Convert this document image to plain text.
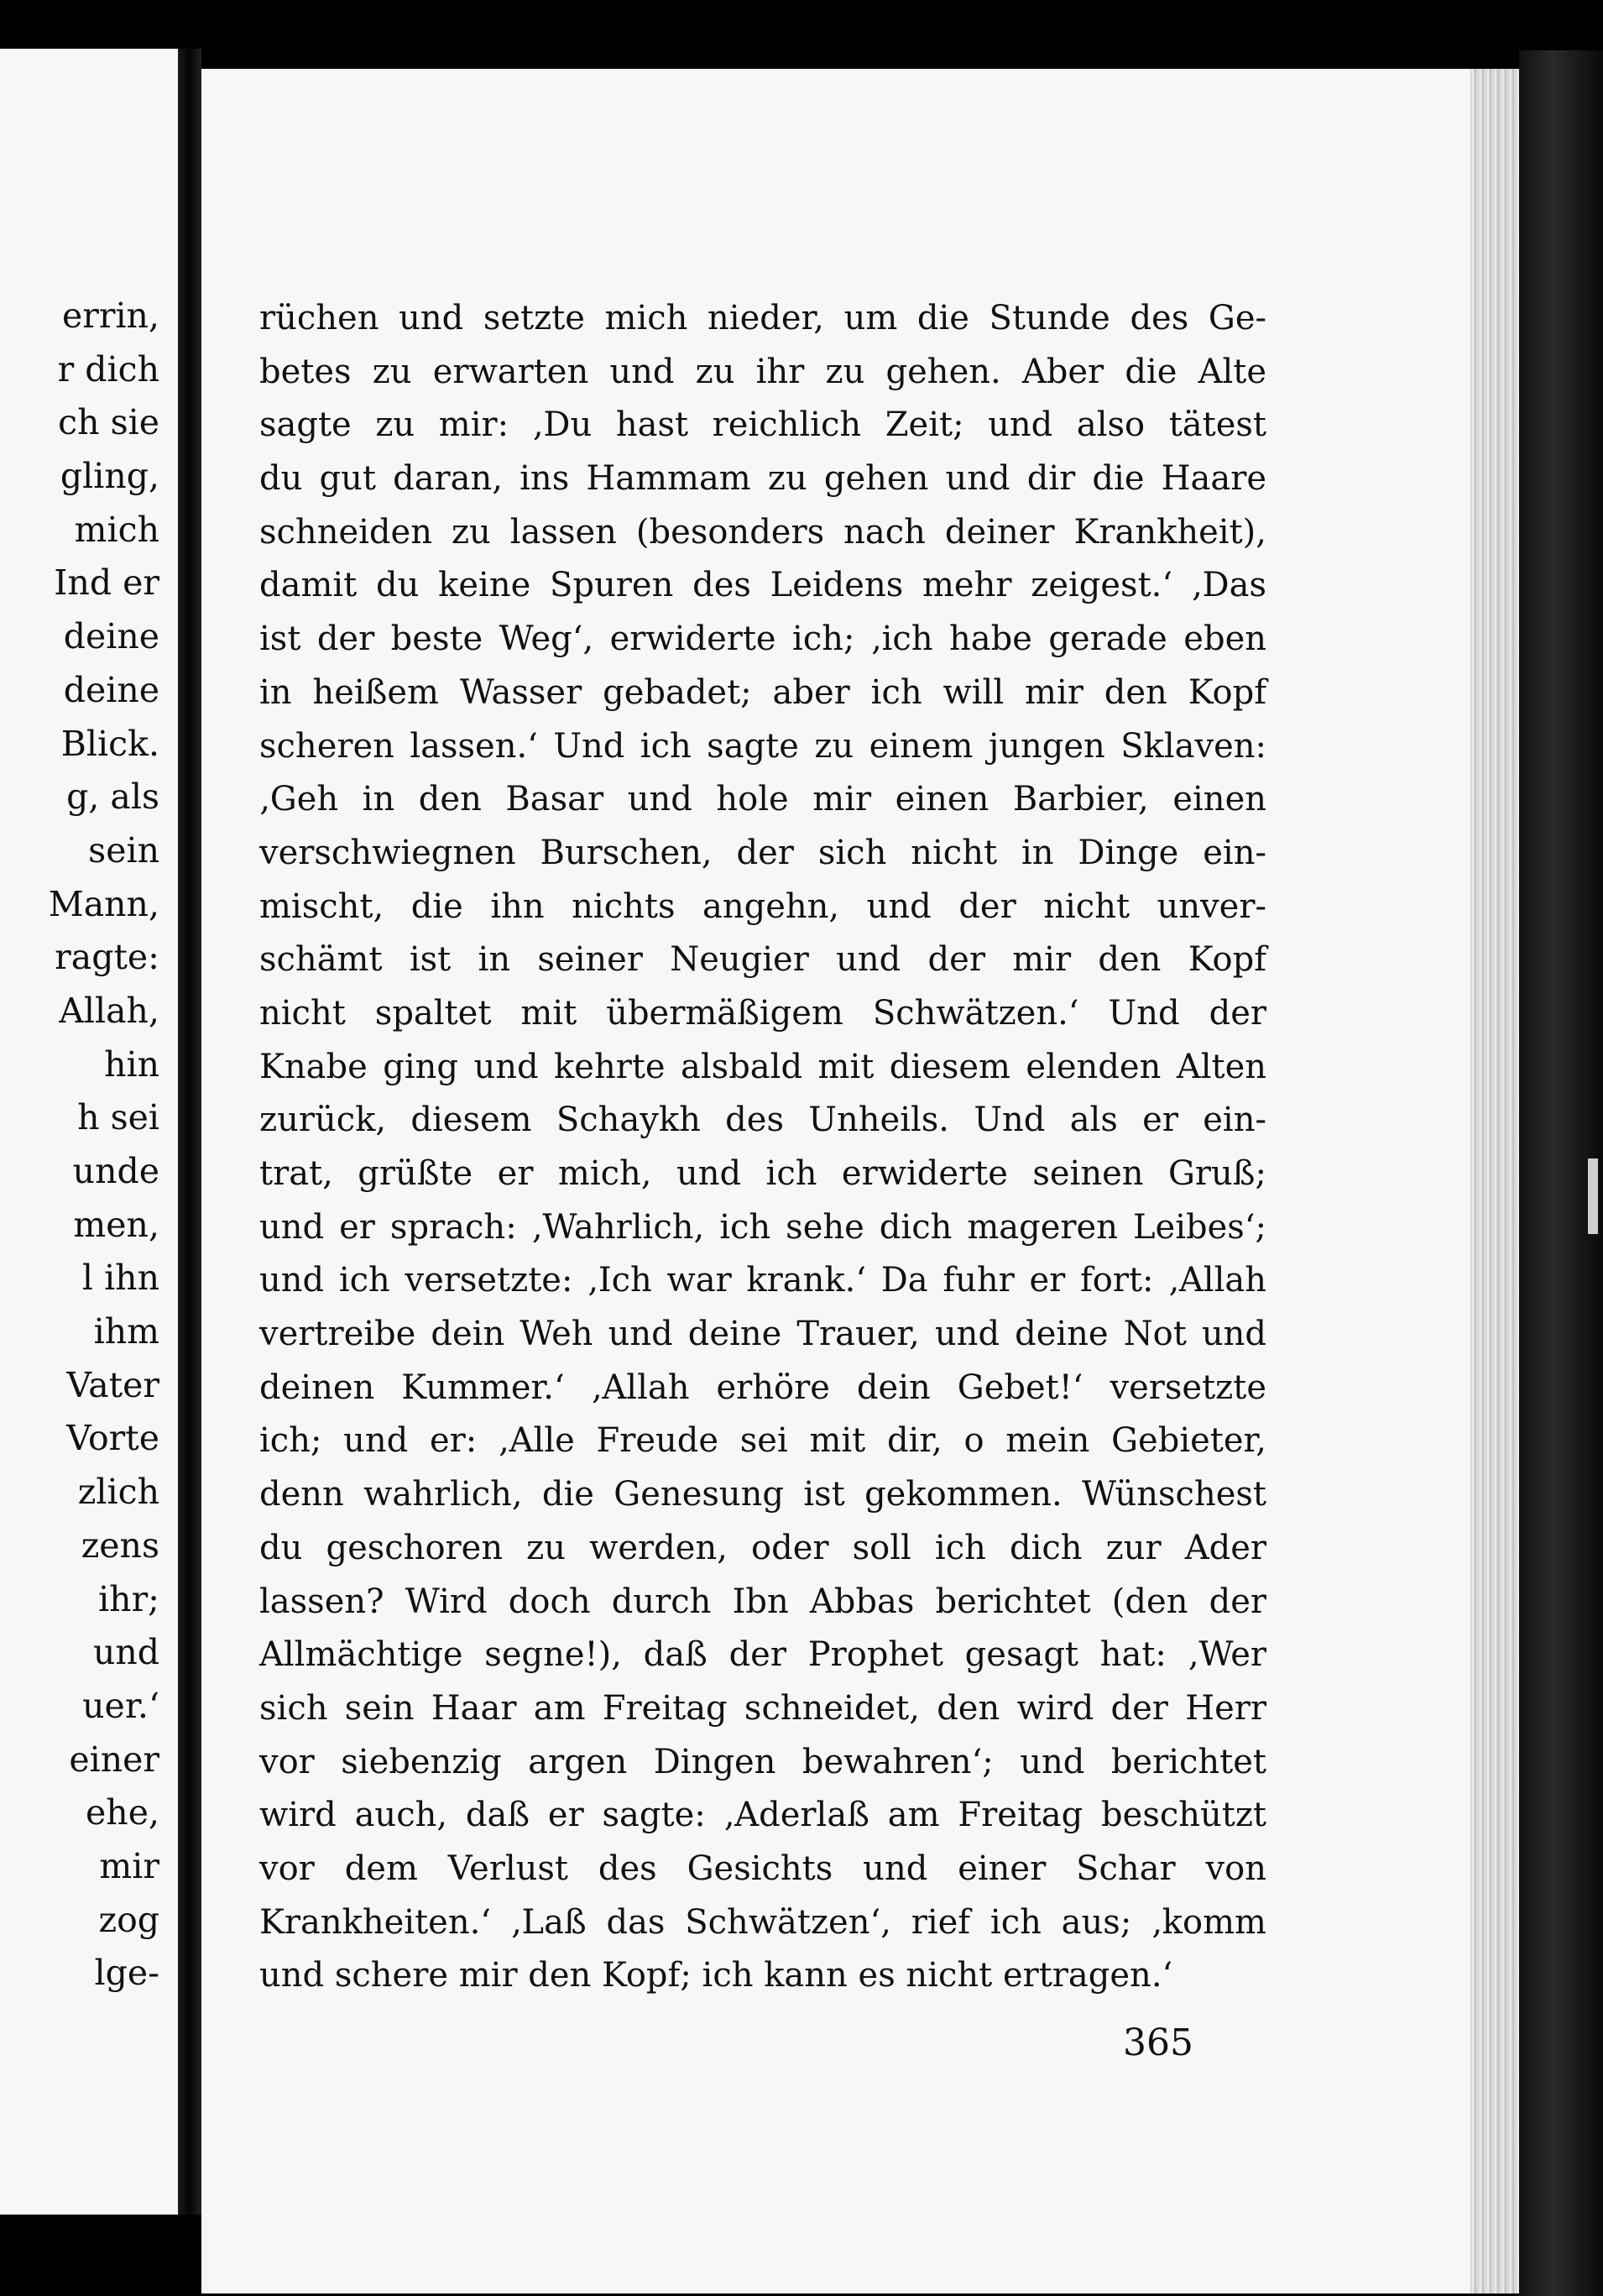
errin,
r dich
ch sie
gling,
mich
Ind er
deine
deine
Blick.
g, als
sein
Mann,
ragte:
Allah,
hin
h sei
unde
men,
l ihn
ihm
Vater
Vorte
zlich
zens
ihr;
und
uer.‘
einer
ehe,
mir
zog
lge-
rüchen und setzte mich nieder, um die Stunde des Ge-
betes zu erwarten und zu ihr zu gehen. Aber die Alte
sagte zu mir: ‚Du hast reichlich Zeit; und also tätest
du gut daran, ins Hammam zu gehen und dir die Haare
schneiden zu lassen (besonders nach deiner Krankheit),
damit du keine Spuren des Leidens mehr zeigest.‘ ‚Das
ist der beste Weg‘, erwiderte ich; ‚ich habe gerade eben
in heißem Wasser gebadet; aber ich will mir den Kopf
scheren lassen.‘ Und ich sagte zu einem jungen Sklaven:
‚Geh in den Basar und hole mir einen Barbier, einen
verschwiegnen Burschen, der sich nicht in Dinge ein-
mischt, die ihn nichts angehn, und der nicht unver-
schämt ist in seiner Neugier und der mir den Kopf
nicht spaltet mit übermäßigem Schwätzen.‘ Und der
Knabe ging und kehrte alsbald mit diesem elenden Alten
zurück, diesem Schaykh des Unheils. Und als er ein-
trat, grüßte er mich, und ich erwiderte seinen Gruß;
und er sprach: ‚Wahrlich, ich sehe dich mageren Leibes‘;
und ich versetzte: ‚Ich war krank.‘ Da fuhr er fort: ‚Allah
vertreibe dein Weh und deine Trauer, und deine Not und
deinen Kummer.‘ ‚Allah erhöre dein Gebet!‘ versetzte
ich; und er: ‚Alle Freude sei mit dir, o mein Gebieter,
denn wahrlich, die Genesung ist gekommen. Wünschest
du geschoren zu werden, oder soll ich dich zur Ader
lassen? Wird doch durch Ibn Abbas berichtet (den der
Allmächtige segne!), daß der Prophet gesagt hat: ‚Wer
sich sein Haar am Freitag schneidet, den wird der Herr
vor siebenzig argen Dingen bewahren‘; und berichtet
wird auch, daß er sagte: ‚Aderlaß am Freitag beschützt
vor dem Verlust des Gesichts und einer Schar von
Krankheiten.‘ ‚Laß das Schwätzen‘, rief ich aus; ‚komm
und schere mir den Kopf; ich kann es nicht ertragen.‘
365
